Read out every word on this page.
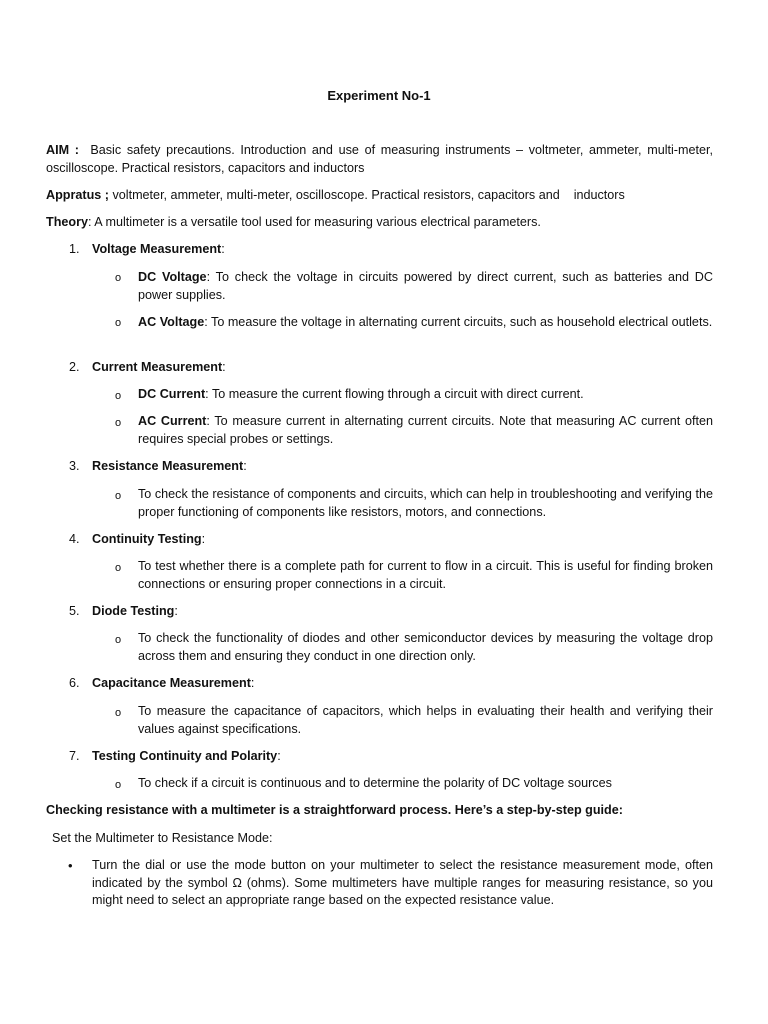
Experiment No-1
AIM : Basic safety precautions. Introduction and use of measuring instruments – voltmeter, ammeter, multi-meter, oscilloscope. Practical resistors, capacitors and inductors
Appratus ; voltmeter, ammeter, multi-meter, oscilloscope. Practical resistors, capacitors and    inductors
Theory: A multimeter is a versatile tool used for measuring various electrical parameters.
1. Voltage Measurement:
o DC Voltage: To check the voltage in circuits powered by direct current, such as batteries and DC power supplies.
o AC Voltage: To measure the voltage in alternating current circuits, such as household electrical outlets.
2. Current Measurement:
o DC Current: To measure the current flowing through a circuit with direct current.
o AC Current: To measure current in alternating current circuits. Note that measuring AC current often requires special probes or settings.
3. Resistance Measurement:
o To check the resistance of components and circuits, which can help in troubleshooting and verifying the proper functioning of components like resistors, motors, and connections.
4. Continuity Testing:
o To test whether there is a complete path for current to flow in a circuit. This is useful for finding broken connections or ensuring proper connections in a circuit.
5. Diode Testing:
o To check the functionality of diodes and other semiconductor devices by measuring the voltage drop across them and ensuring they conduct in one direction only.
6. Capacitance Measurement:
o To measure the capacitance of capacitors, which helps in evaluating their health and verifying their values against specifications.
7. Testing Continuity and Polarity:
o To check if a circuit is continuous and to determine the polarity of DC voltage sources
Checking resistance with a multimeter is a straightforward process. Here’s a step-by-step guide:
Set the Multimeter to Resistance Mode:
• Turn the dial or use the mode button on your multimeter to select the resistance measurement mode, often indicated by the symbol Ω (ohms). Some multimeters have multiple ranges for measuring resistance, so you might need to select an appropriate range based on the expected resistance value.
